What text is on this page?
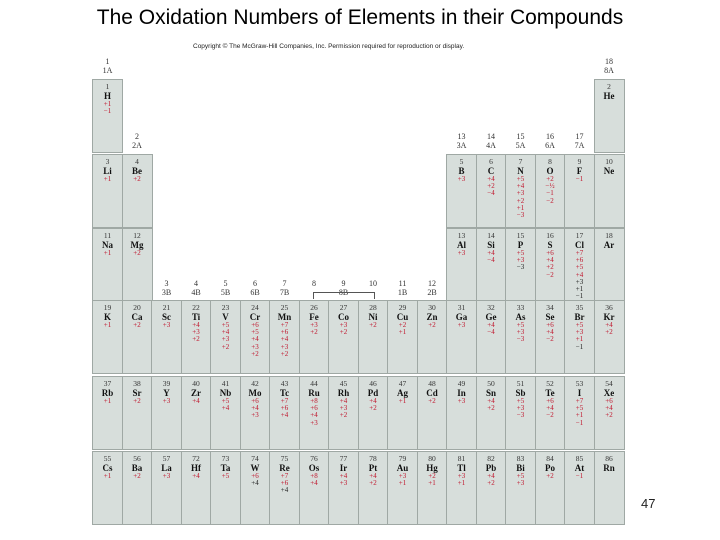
The Oxidation Numbers of Elements in their Compounds
Copyright © The McGraw-Hill Companies, Inc. Permission required for reproduction or display.
1
1A
18
8A
2
2A
13
3A
14
4A
15
5A
16
6A
17
7A
3
3B
4
4B
5
5B
6
6B
7
7B
8	9
8B
10	11
1B
12
2B
1
H
+1
−1
2
He
3
Li
+1
4
Be
+2
5
B
+3
6
C
+4
+2
−4
7
N
+5
+4
+3
+2
+1
−3
8
O
+2
−½
−1
−2
9
F
−1
10
Ne
11
Na
+1
12
Mg
+2
13
Al
+3
14
Si
+4
−4
15
P
+5
+3
−3
16
S
+6
+4
+2
−2
17
Cl
+7
+6
+5
+4
+3
+1
−1
18
Ar
19
K
+1
20
Ca
+2
21
Sc
+3
22
Ti
+4
+3
+2
23
V
+5
+4
+3
+2
24
Cr
+6
+5
+4
+3
+2
25
Mn
+7
+6
+4
+3
+2
26
Fe
+3
+2
27
Co
+3
+2
28
Ni
+2
29
Cu
+2
+1
30
Zn
+2
31
Ga
+3
32
Ge
+4
−4
33
As
+5
+3
−3
34
Se
+6
+4
−2
35
Br
+5
+3
+1
−1
36
Kr
+4
+2
37
Rb
+1
38
Sr
+2
39
Y
+3
40
Zr
+4
41
Nb
+5
+4
42
Mo
+6
+4
+3
43
Tc
+7
+6
+4
44
Ru
+8
+6
+4
+3
45
Rh
+4
+3
+2
46
Pd
+4
+2
47
Ag
+1
48
Cd
+2
49
In
+3
50
Sn
+4
+2
51
Sb
+5
+3
−3
52
Te
+6
+4
−2
53
I
+7
+5
+1
−1
54
Xe
+6
+4
+2
55
Cs
+1
56
Ba
+2
57
La
+3
72
Hf
+4
73
Ta
+5
74
W
+6
+4
75
Re
+7
+6
+4
76
Os
+8
+4
77
Ir
+4
+3
78
Pt
+4
+2
79
Au
+3
+1
80
Hg
+2
+1
81
Tl
+3
+1
82
Pb
+4
+2
83
Bi
+5
+3
84
Po
+2
85
At
−1
86
Rn
47
